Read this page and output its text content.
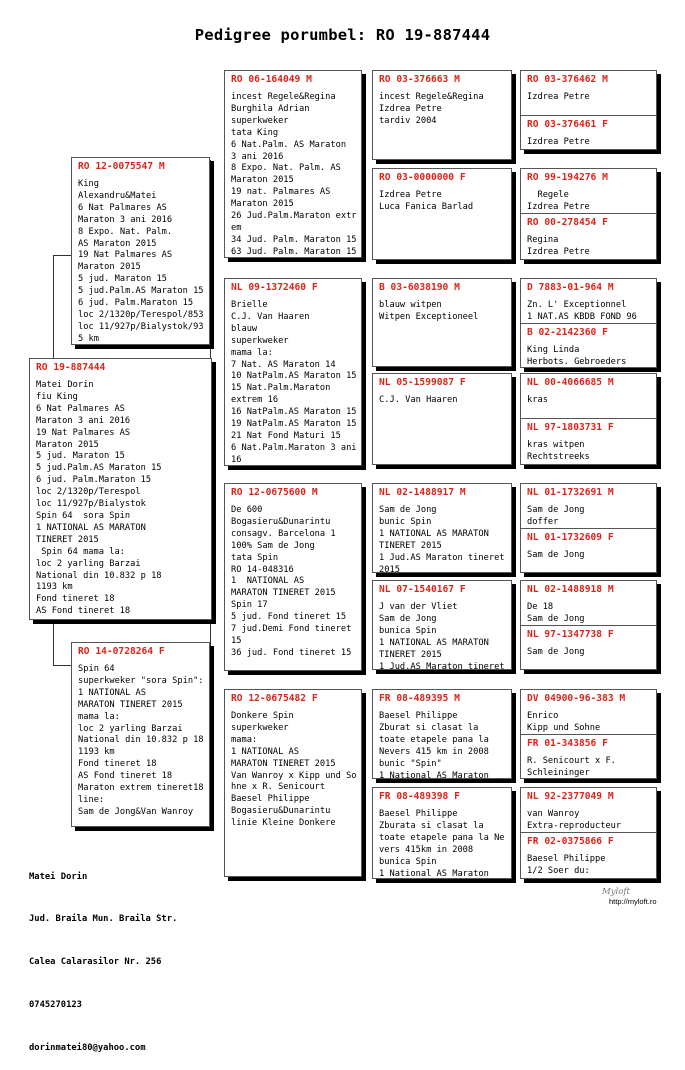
Pedigree porumbel: RO 19-887444
RO 19-887444
Matei Dorin
fiu King
6 Nat Palmares AS
Maraton 3 ani 2016
19 Nat Palmares AS
Maraton 2015
5 jud. Maraton 15
5 jud.Palm.AS Maraton 15
6 jud. Palm.Maraton 15
loc 2/1320p/Terespol
loc 11/927p/Bialystok
Spin 64  sora Spin
1 NATIONAL AS MARATON
TINERET 2015
Spin 64 mama la:
loc 2 yarling Barzai
National din 10.832 p 18
1193 km
Fond tineret 18
AS Fond tineret 18
RO 12-0075547 M
King
Alexandru&Matei
6 Nat Palmares AS
Maraton 3 ani 2016
8 Expo. Nat. Palm.
AS Maraton 2015
19 Nat Palmares AS
Maraton 2015
5 jud. Maraton 15
5 jud.Palm.AS Maraton 15
6 jud. Palm.Maraton 15
loc 2/1320p/Terespol/853
loc 11/927p/Bialystok/93
5 km
RO 14-0728264 F
Spin 64
superkweker "sora Spin":
1 NATIONAL AS
MARATON TINERET 2015
mama la:
loc 2 yarling Barzai
National din 10.832 p 18
1193 km
Fond tineret 18
AS Fond tineret 18
Maraton extrem tineret18
line:
Sam de Jong&Van Wanroy
RO 06-164049 M
incest Regele&Regina
Burghila Adrian
superkweker
tata King
6 Nat.Palm. AS Maraton
3 ani 2016
8 Expo. Nat. Palm. AS
Maraton 2015
19 nat. Palmares AS
Maraton 2015
26 Jud.Palm.Maraton extr
em
34 Jud. Palm. Maraton 15
63 Jud. Palm. Maraton 15
NL 09-1372460 F
Brielle
C.J. Van Haaren
blauw
superkweker
mama la:
7 Nat. AS Maraton 14
10 NatPalm.AS Maraton 15
15 Nat.Palm.Maraton
extrem 16
16 NatPalm.AS Maraton 15
19 NatPalm.AS Maraton 15
21 Nat Fond Maturi 15
6 Nat.Palm.Maraton 3 ani
16
RO 12-0675600 M
De 600
Bogasieru&Dunarintu
consagv. Barcelona 1
100% Sam de Jong
tata Spin
RO 14-048316
1  NATIONAL AS
MARATON TINERET 2015
Spin 17
5 jud. Fond tineret 15
7 jud.Demi Fond tineret
15
36 jud. Fond tineret 15
RO 12-0675482 F
Donkere Spin
superkweker
mama:
1 NATIONAL AS
MARATON TINERET 2015
Van Wanroy x Kipp und So
hne x R. Senicourt
Baesel Philippe
Bogasieru&Dunarintu
linie Kleine Donkere
RO 03-376663 M
incest Regele&Regina
Izdrea Petre
tardiv 2004
RO 03-0000000 F
Izdrea Petre
Luca Fanica Barlad
B 03-6038190 M
blauw witpen
Witpen Exceptioneel
NL 05-1599087 F
C.J. Van Haaren
NL 02-1488917 M
Sam de Jong
bunic Spin
1 NATIONAL AS MARATON
TINERET 2015
1 Jud.AS Maraton tineret
2015
NL 07-1540167 F
J van der Vliet
Sam de Jong
bunica Spin
1 NATIONAL AS MARATON
TINERET 2015
1 Jud.AS Maraton tineret
FR 08-489395 M
Baesel Philippe
Zburat si clasat la
toate etapele pana la
Nevers 415 km in 2008
bunic "Spin"
1 National AS Maraton
FR 08-489398 F
Baesel Philippe
Zburata si clasat la
toate etapele pana la Ne
vers 415km in 2008
bunica Spin
1 National AS Maraton
RO 03-376462 M
Izdrea Petre
RO 03-376461 F
Izdrea Petre
RO 99-194276 M
Regele
Izdrea Petre
RO 00-278454 F
Regina
Izdrea Petre
D 7883-01-964 M
Zn. L' Exceptionnel
1 NAT.AS KBDB FOND 96
B 02-2142360 F
King Linda
Herbots. Gebroeders
NL 00-4066685 M
kras
NL 97-1803731 F
kras witpen
Rechtstreeks
NL 01-1732691 M
Sam de Jong
doffer
NL 01-1732609 F
Sam de Jong
NL 02-1488918 M
De 18
Sam de Jong
NL 97-1347738 F
Sam de Jong
DV 04900-96-383 M
Enrico
Kipp und Sohne
FR 01-343856 F
R. Senicourt x F.
Schleininger
NL 92-2377049 M
van Wanroy
Extra-reproducteur
FR 02-0375866 F
Baesel Philippe
1/2 Soer du:

Matei Dorin

Jud. Braila Mun. Braila Str.

Calea Calarasilor Nr. 256

0745270123

dorinmatei80@yahoo.com

Myloft
http://myloft.ro
